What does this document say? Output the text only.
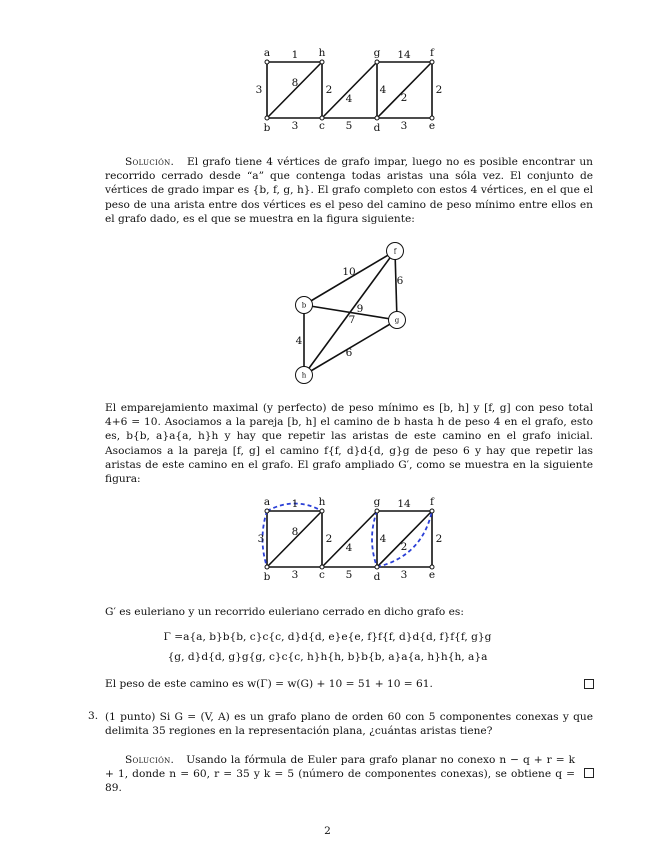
a	h	g	f
b	c	d	e
1	14
3
8
2
4
4
2
2
3	5	3

Solución. El grafo tiene 4 vértices de grafo impar, luego no es posible encontrar un recorrido cerrado desde “a” que contenga todas aristas una sóla vez. El conjunto de vértices de grado impar es {b, f, g, h}. El grafo completo con estos 4 vértices, en el que el peso de una arista entre dos vértices es el peso del camino de peso mínimo entre ellos en el grafo dado, es el que se muestra en la figura siguiente:

f
b
g
h
10
6
9
7
4
6

El emparejamiento maximal (y perfecto) de peso mínimo es [b, h] y [f, g] con peso total 4+6 = 10. Asociamos a la pareja [b, h] el camino de b hasta h de peso 4 en el grafo, esto es, b{b, a}a{a, h}h y hay que repetir las aristas de este camino en el grafo inicial. Asociamos a la pareja [f, g] el camino f{f, d}d{d, g}g de peso 6 y hay que repetir las aristas de este camino en el grafo. El grafo ampliado G′, como se muestra en la siguiente figura:

a	h	g	f
b	c	d	e
1
8
3	2
4
4
2
2
14
3	5	3

G′ es euleriano y un recorrido euleriano cerrado en dicho grafo es:

Γ =a{a, b}b{b, c}c{c, d}d{d, e}e{e, f}f{f, d}d{d, f}f{f, g}g
{g, d}d{d, g}g{g, c}c{c, h}h{h, b}b{b, a}a{a, h}h{h, a}a

El peso de este camino es w(Γ) = w(G) + 10 = 51 + 10 = 61.

3. (1 punto) Si G = (V, A) es un grafo plano de orden 60 con 5 componentes conexas y que delimita 35 regiones en la representación plana, ¿cuántas aristas tiene?

Solución. Usando la fórmula de Euler para grafo planar no conexo n − q + r = k + 1, donde n = 60, r = 35 y k = 5 (número de componentes conexas), se obtiene q = 89.

2
